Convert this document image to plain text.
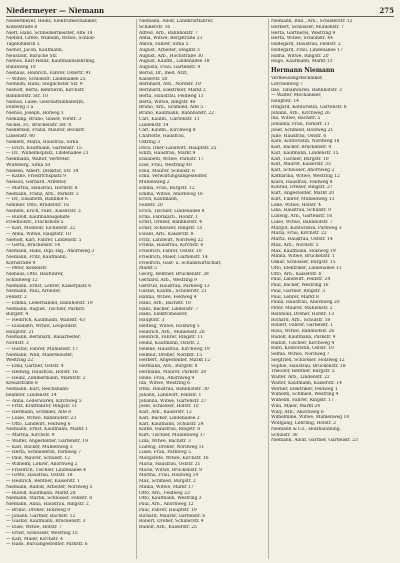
Niedermeyer — Niemann	275

Niedermeyer, Heinz, Elektromechaniker,

Kolbestraße 8

Nieft, Hans, Schneidermeister, Alte 14

Niefeld, Grete, Wilhelm, Witwe, Schloß-

Tagelöhnerin 5

Niehof, Jacob, Kaufmann,

Neustadt, Baruche Str.

Niehus, Karl-Heinz, Kaufmannslehrling,

Rubinweg 10

Niehaus, Heinrich, Fahrer, Ostertr. 91

— Witwe, Schloßstr. Lindenallee 25

Nieheim, Hans, Steglichster Str. 9

Niehoff, Berta, Rentnerin, Kirchstr.

Bahnhofstr. Str. 10

Niehus, Luise, Geschäftsinhaberin,

Feldweg 3 a

Niehus, Joseph, Hofweg 1

Niekamp, Bruno, Glaser, Vorstr. 3

Nickel, Fr., Brückenstr. Str. 8

Niekerken, Franz, Maurer, Beckstr.

Linsenstr. 80

Niekerk, Maria, Hausfrau, Sirka

— Erich, Kaufmann, Gartenstr. 15

— Dr., Wilhelmsplatz, Lindenallee 21

Niekmann, Walter, Vertreter,

Wolfsberg, Sirka 50

Nielsen, Albert, Direktor, Str. 18

— Käthe, Friedrichsplatz 9

Nielson, Gerhard, Arbeiter,

— Martha, Hausfrau, Hornstr. 8

Niemann, Franz, Arb., Parkstr. 3

— Dr., Elisabeth, Bannhof 6

Nimmer, Otto, Bruderstr. 16

Niehlen, Erich, Fabr., Kaiserstr. 3

— Rudolf, Kaufmannsgehilfe

Friedhofstr., Flachshöfe 5

— Karl, Monteur, Eichenstr. 22

— Anna, Witwe, Hauptstr. 10

Niehoff, Karl, Fahrer, Lindenstr. 5

— Gerta, Brückenstr. 14

Niemann, Hans, Dipl.-Ing., Ahornweg 3

Niemann, Fritz, Kaufmann,

Kornstraße 9

— Peter, Kesselstr.

Niehaus, Otto, Bauführer,

Schloßweg 12

Niemann, Ernst, Lehrer, Kaiserplatz 6

Niemann, Paul, Arbeiter,

Feldstr. 2

— Emma, Lederhandel, Bahnhofstr. 19

Niemann, August, Tischler, Parkstr.

Burgstr. 4

— Heinrich, Kaufmann, Waldstr. 43

— Elisabeth, Witwe, Leopoldstr.

Hauptstr. 21

Niemann, Bernhard, Bauarbeiter,

Nordstr. 3

— Gustav, Fahrer, Mühlenstr. 17

Niemann, Willi, Malermeister,

Westring 22

— Emil, Gärtner, Oststr. 4

— Hedwig, Hausfrau, Hofstr. 16

— Heinz, Zimmermann, Marktstr. 2

Kreuzstraße 8

Niemann, Kurt, Reichsbahn-

beamter, Lindenstr. 14

— Anna, Lederwaren, Kirchweg 5

— Fritz, Kraftfahrer, Ringstr. 11

— Hermann, Schmied, Alte 8

— Luise, Witwe, Bahnhofstr. 23

— Otto, Landwirt, Feldweg 6

Niemann, Ernst, Kaufmann, Markt 1

— Martha, Kirchstr. 9

— Walter, Angestellter, Gartenstr. 19

— Karl, Bäcker, Mühlenweg 3

— Herta, Schneiderin, Parkweg 7

— Paul, Maurer, Schulstr. 12

— Wilhelm, Lehrer, Ahornweg 2

— Friedrich, Tischler, Lindenallee 4

— Grete, Hausfrau, Oststr. 18

— Heinrich, Rentner, Kaiserstr. 1

Niemann, Rudolf, Arbeiter, Nordweg 5

— Rudolf, Kaufmann, Markt 28

Niemann, Martin, Schlosser, Feldstr. 8

Niemann, Anna, Hausfrau, Ringstr. 2

— Bruno, Dreher, Holzweg 9

— Johann, Gärtner, Bachstr. 12

— Gustav, Kaufmann, Brückenstr. 3

— Elise, Witwe, Hofstr. 7

— Ernst, Schlosser, Westring 15

— Karl, Maler, Kirchstr. 4

— Hans, Büroangestellter, Parkstr. 6

Niemann, Adolf, Landkraftfahrer,

Schillerstr. 16

Alfred, Arb., Bahnhofstr. 7

Anna, Witwe, Bergstraße 23

Anton, Fahrer, Sirka 5

August, Arbeiter, Steglitz 3

August, Arb., Hochstraße 30

August, Kaufm., Lindenallee 18

Augusta, Frau, Gartenstr. 4

Bernd, Dr., med. Arzt,

Kaiserstr. 50

Bernhard, Arb., Nordstr. 19

Bernhard, Elektriker, Markt 2

Berta, Hausfrau, Feldweg 11

Berta, Witwe, Ringstr. 40

Bruno, Arb., Schmied, Alte 5

Bruno, Kaufmann, Bahnhofstr. 22

Carl, Kaufm., Gartenstr. 11

Lindenstr. 14

Carl, Kaufm., Kirchweg 8

Charlotte, Hausfrau,

Ostring 3

Dora, Ober-Landwirt, Hauptstr. 25

Edith, Hausfrau, Markt 9

Elisabeth, Witwe, Parkstr. 17

Else, Frau, Westring 40

Emil, Maurer, Schulstr. 6

Emil, Verwaltungsangestellter,

Mühlenweg 2

Emma, Frau, Burgstr. 12

Emma, Witwe, Ahornweg 16

Erich, Kaufmann,

Feldstr. 20

Erich, Tischler, Lindenallee 8

Erna, Fabrikarb., Hofstr. 1

Ernst, Dreher, Bahnhofstr. 4

Ernst, Schlosser, Ringstr. 15

Ewald, Arb., Kaiserstr. 8

Fritz, Landwirt, Nordweg 22

Frieda, Hausfrau, Kirchstr. 6

Friedrich, Fahrer, Oststr. 10

Friedrich, Maler, Gartenstr. 14

Friedrich, Gast- u. Schankwirtschaft,

Markt 5

Georg, Rentner, Brückenstr. 28

Gerhard, Arb., Westring 9

Gertrud, Hausfrau, Parkweg 13

Gustav, Kaufm., Schillerstr. 21

Hanna, Witwe, Feldweg 4

Hans, Arb., Bachstr. 18

Hans, Bäcker, Lindenstr. 7

Hans, Elektromeister,

Hauptstr. 3

Hedwig, Witwe, Holzweg 5

Heinrich, Arb., Mühlenstr. 26

Heinrich, Fahrer, Ringstr. 11

Heinz, Kaufmann, Oststr. 2

Helene, Hausfrau, Kirchweg 19

Helmut, Dreher, Nordstr. 15

Herbert, Angestellter, Markt 12

Hermann, Arb., Burgstr. 8

Hermann, Maurer, Parkstr. 20

Hilde, Frau, Ahornweg 9

Ida, Witwe, Westring 6

Irma, Hausfrau, Bahnhofstr. 30

Johann, Landwirt, Feldstr. 1

Johanna, Witwe, Gartenstr. 27

Josef, Schlosser, Hofstr. 10

Karl, Arb., Kaiserstr. 12

Karl, Bäcker, Lindenallee 2

Karl, Kaufmann, Schulstr. 24

Käthe, Hausfrau, Ringstr. 8

Kurt, Tischler, Mühlenweg 17

Lina, Witwe, Bachstr. 3

Ludwig, Dreher, Nordweg 11

Luise, Frau, Parkweg 5

Margarete, Witwe, Kirchstr. 16

Maria, Hausfrau, Oststr. 21

Marie, Witwe, Brückenstr. 9

Martha, Frau, Holzweg 14

Max, Schmied, Burgstr. 2

Minna, Witwe, Markt 17

Otto, Arb., Feldweg 23

Otto, Kaufmann, Westring 3

Paul, Arb., Ahornweg 12

Paul, Fahrer, Hauptstr. 19

Richard, Maurer, Gartenstr. 6

Robert, Dreher, Schillerstr. 4

Rudolf, Arb., Kaiserstr. 25

Niemann, Rud., Arb., Schilderstr. 12

Herbert, Schlosser, Mühlenstr. 7

Herta, Gärtnerei, Westring 9

Herta, Witwe, Schloßstr. 44

Hildegard, Hausfrau, Feldstr. 2

Hildegard, Frau, Lindenallee 17

Hilma, Witwe, Ringstr. 20

Hugo, Kaufmann, Markt 13

Hermann Niemann

Vermessungstechniker,

Lerchenweg 7

Ilse, Tabakwaren, Bahnhofstr. 3

— Walter, Mechaniker,

Hauptstr. 14

Irmgard, Kontoristin, Gartenstr. 8

Johann, Arb., Kirchweg 26

Ida, Witwe, Bachstr. 5

Johanna, Frau, Parkstr. 11

Josef, Schmied, Holzweg 21

Julie, Hausfrau, Oststr. 6

Käte, Kontoristin, Nordweg 18

Karl, Bäcker, Brückenstr. 4

Karl, Kaufmann, Lindenstr. 15

Karl, Tischler, Burgstr. 10

Karl, Maurer, Kaiserstr. 33

Karl, Schlosser, Ahornweg 2

Katharina, Witwe, Westring 12

Klara, Hausfrau, Feldweg 8

Konrad, Dreher, Ringstr. 27

Kurt, Angestellter, Markt 20

Kurt, Fahrer, Mühlenweg 13

Lene, Witwe, Hofstr. 4

Lina, Hausfrau, Schulstr. 9

Ludwig, Arb., Gartenstr. 16

Luise, Witwe, Bahnhofstr. 7

Margot, Kontoristin, Parkweg 3

Maria, Frau, Kirchstr. 22

Marta, Hausfrau, Oststr. 14

Max, Arb., Nordstr. 5

Max, Kaufmann, Holzweg 19

Minna, Witwe, Brückenstr. 1

Oskar, Schlosser, Burgstr. 15

Otto, Elektriker, Lindenallee 11

Otto, Arb., Kaiserstr. 6

Paul, Landwirt, Feldstr. 24

Paul, Bäcker, Westring 16

Paul, Gärtner, Ringstr. 3

Paul, Lehrer, Markt 8

Paula, Hausfrau, Ahornweg 20

Peter, Maurer, Mühlenstr. 2

Reinhold, Dreher, Hofstr. 13

Richard, Arb., Schulstr. 18

Robert, Fahrer, Gartenstr. 1

Rosa, Witwe, Bahnhofstr. 26

Rudolf, Kaufmann, Parkstr. 9

Rudolf, Tischler, Kirchweg 4

Ruth, Kontoristin, Oststr. 10

Selma, Witwe, Nordweg 7

Siegfried, Schlosser, Holzweg 12

Sophie, Hausfrau, Brückenstr. 18

Theodor, Rentner, Burgstr. 5

Walter, Arb., Lindenstr. 22

Walter, Kaufmann, Kaiserstr. 14

Werner, Elektriker, Feldweg 1

Wilhelm, Schmied, Westring 4

Wilhelm, Fahrer, Ringstr. 17

Willi, Maler, Markt 24

Willy, Arb., Ahornweg 6

Wilhelmine, Witwe, Mühlenweg 10

Wolfgang, Lehrling, Hofstr. 2

Niemann & Co., Holzhandlung,

Schulstr. 30

Niemann, Adolf, Gärtner, Gartenstr. 23
